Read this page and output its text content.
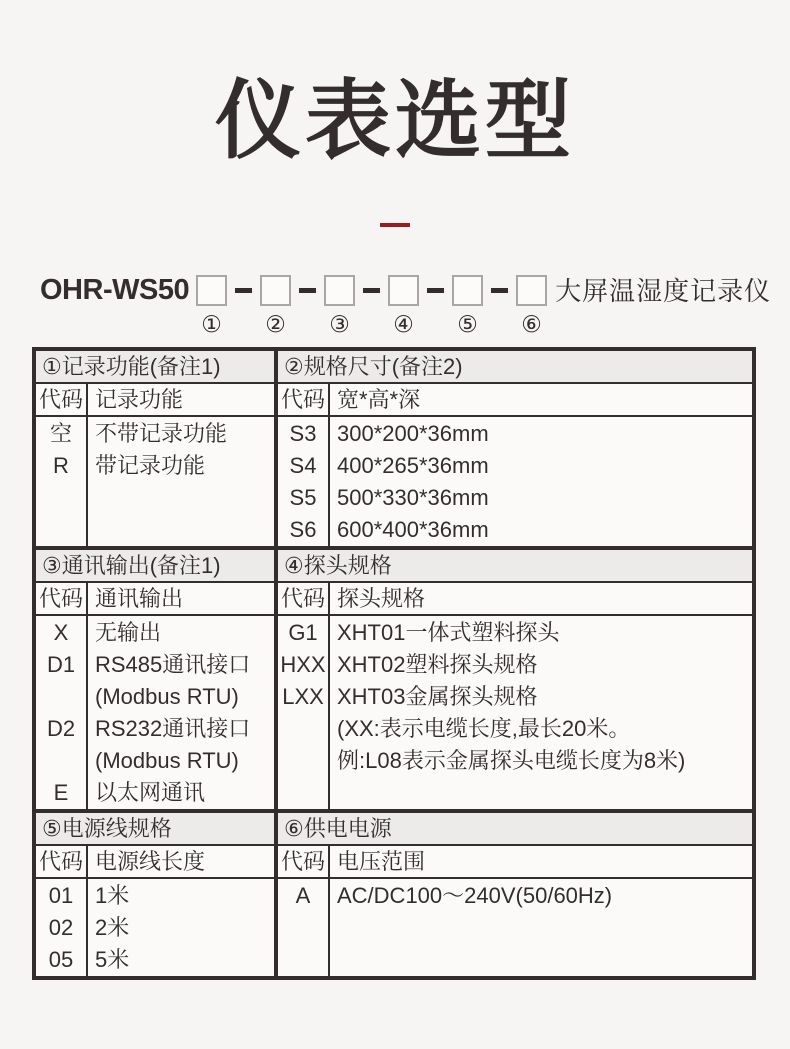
仪表选型
OHR-WS50
① ② ③ ④ ⑤ ⑥
大屏温湿度记录仪
①记录功能(备注1)
代码 记录功能
空
R
不带记录功能
带记录功能
②规格尺寸(备注2)
代码 宽*高*深
S3
S4
S5
S6
300*200*36mm
400*265*36mm
500*330*36mm
600*400*36mm
③通讯输出(备注1)
代码 通讯输出
X
D1
D2
E
无输出
RS485通讯接口
(Modbus RTU)
RS232通讯接口
(Modbus RTU)
以太网通讯
④探头规格
代码 探头规格
G1
HXX
LXX
XHT01一体式塑料探头
XHT02塑料探头规格
XHT03金属探头规格
(XX:表示电缆长度,最长20米。
例:L08表示金属探头电缆长度为8米)
⑤电源线规格
代码 电源线长度
01
02
05
1米
2米
5米
⑥供电电源
代码 电压范围
A	AC/DC100～240V(50/60Hz)
